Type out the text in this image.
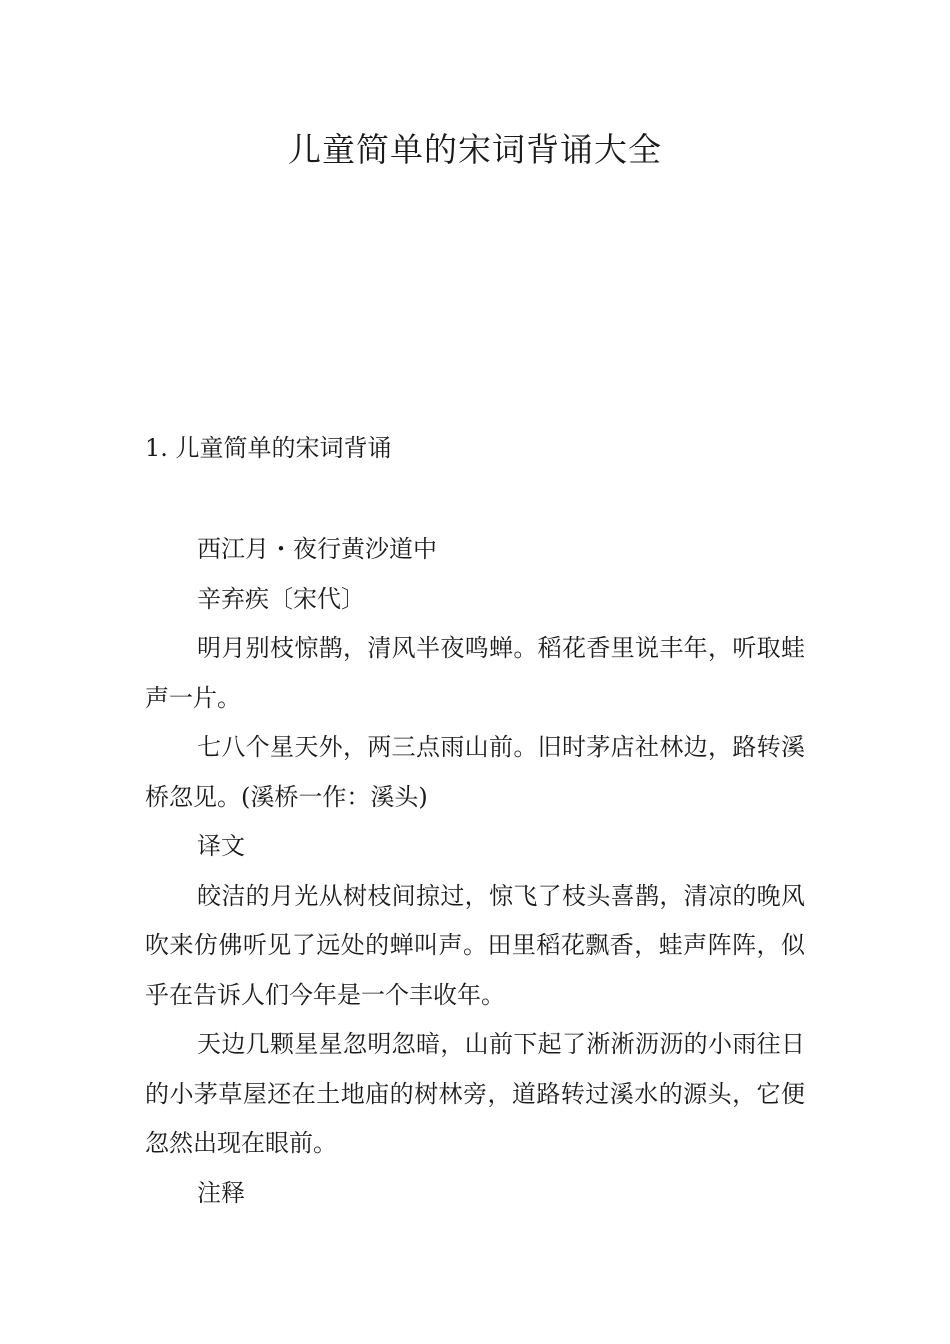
儿童简单的宋词背诵大全
1. 儿童简单的宋词背诵

西江月・夜行黄沙道中

辛弃疾〔宋代〕

明月别枝惊鹊，清风半夜鸣蝉。稻花香里说丰年，听取蛙声一片。

七八个星天外，两三点雨山前。旧时茅店社林边，路转溪桥忽见。(溪桥一作：溪头)

译文

皎洁的月光从树枝间掠过，惊飞了枝头喜鹊，清凉的晚风吹来仿佛听见了远处的蝉叫声。田里稻花飘香，蛙声阵阵，似乎在告诉人们今年是一个丰收年。

天边几颗星星忽明忽暗，山前下起了淅淅沥沥的小雨往日的小茅草屋还在土地庙的树林旁，道路转过溪水的源头，它便忽然出现在眼前。

注释
